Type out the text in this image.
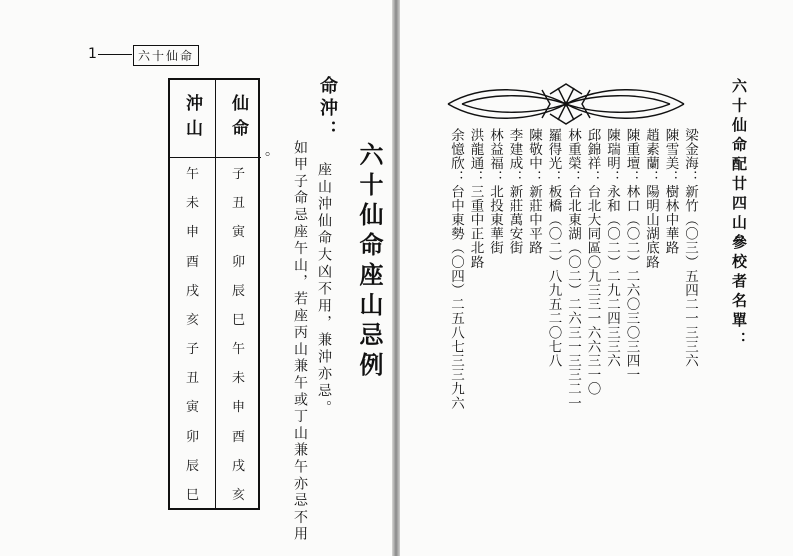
1	六十仙命
仙命
子
丑
寅
卯
辰
巳
午
未
申
酉
戌
亥
沖山
午
未
申
酉
戌
亥
子
丑
寅
卯
辰
巳
六十仙命座山忌例
命沖：
座山沖仙命大凶不用，兼沖亦忌。
如甲子命忌座午山，若座丙山兼午或丁山兼午亦忌不用
。	六十仙命配廿四山參校者名單：
梁金海：新竹（〇三）五四二一三三六
陳雪美：樹林中華路
趙素蘭：陽明山湖底路
陳重壇：林口（〇二）二六〇三〇三四一
陳瑞明：永和（〇二）二九二四三三六
邱錦祥：台北大同區〇九三三一六六三一〇
林重榮：台北東湖（〇二）二六三一三三二一
羅得光：板橋（〇二）八九五二〇七八
陳敬中：新莊中平路
李建成：新莊萬安街
林益福：北投東華街
洪龍通：三重中正北路
余憶欣：台中東勢（〇四）二五八七三三九六
